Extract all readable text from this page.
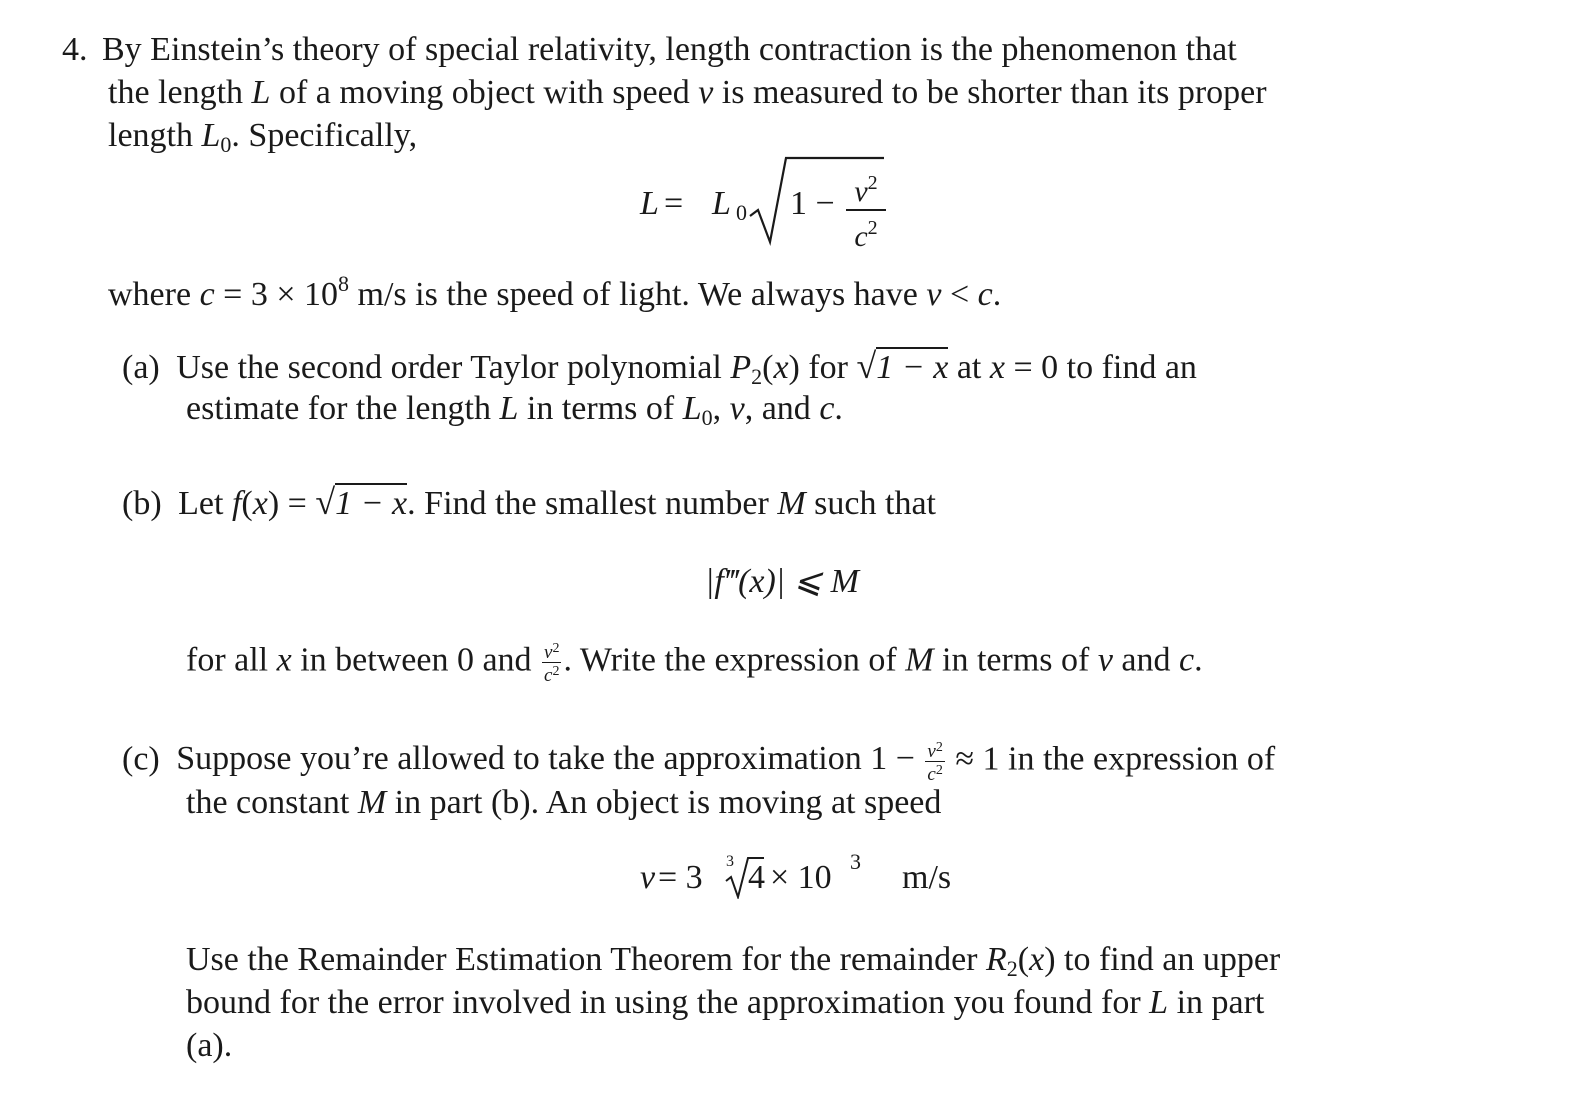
4. By Einstein’s theory of special relativity, length contraction is the phenomenon that
the length L of a moving object with speed v is measured to be shorter than its proper
length $L_0$. Specifically,
L = L 0 $1 - \frac{v^2}{c^2}$
where $c = 3 \times 10^8$ m/s is the speed of light. We always have v < c.
(a) Use the second order Taylor polynomial $P_2(x)$ for √1 − x at x = 0 to find an
estimate for the length L in terms of $L_0$, v, and c.
(b) Let f(x) = √1 − x. Find the smallest number M such that
|f‴(x)| ⩽ M
for all x in between 0 and $\frac{v^2}{c^2}$ . Write the expression of M in terms of v and c.
(c) Suppose you’re allowed to take the approximation $1 - \frac{v^2}{c^2} \approx 1$ in the expression of
the constant M in part (b). An object is moving at speed
v = 3 3 4 × 10 3 m/s
Use the Remainder Estimation Theorem for the remainder $R_2(x)$ to find an upper
bound for the error involved in using the approximation you found for L in part
(a).
